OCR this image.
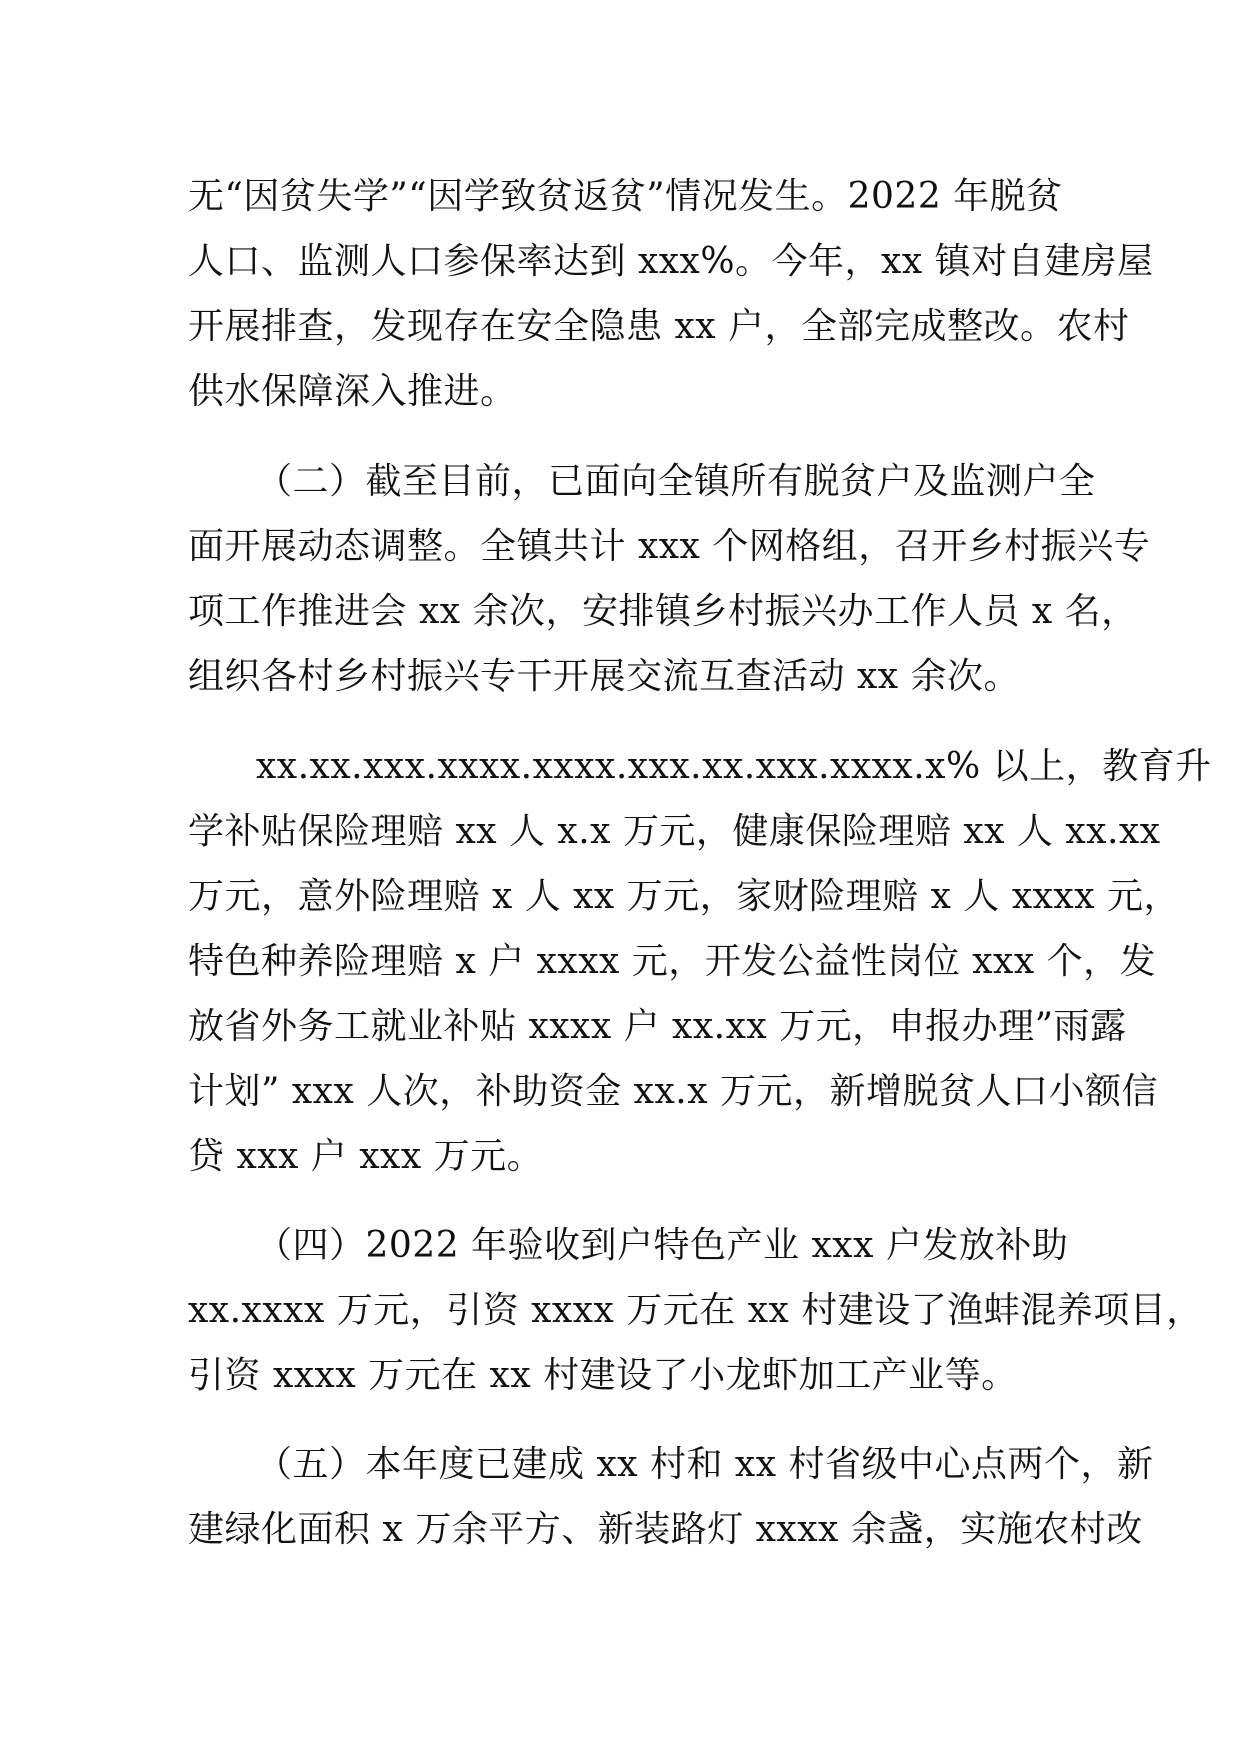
无“因贫失学”“因学致贫返贫”情况发生。2022 年脱贫
人口、监测人口参保率达到 xxx%。今年，xx 镇对自建房屋
开展排查，发现存在安全隐患 xx 户，全部完成整改。农村
供水保障深入推进。
（二）截至目前，已面向全镇所有脱贫户及监测户全
面开展动态调整。全镇共计 xxx 个网格组，召开乡村振兴专
项工作推进会 xx 余次，安排镇乡村振兴办工作人员 x 名，
组织各村乡村振兴专干开展交流互查活动 xx 余次。
xx.xx.xxx.xxxx.xxxx.xxx.xx.xxx.xxxx.x% 以上，教育升
学补贴保险理赔 xx 人 x.x 万元，健康保险理赔 xx 人 xx.xx
万元，意外险理赔 x 人 xx 万元，家财险理赔 x 人 xxxx 元，
特色种养险理赔 x 户 xxxx 元，开发公益性岗位 xxx 个，发
放省外务工就业补贴 xxxx 户 xx.xx 万元，申报办理”雨露
计划” xxx 人次，补助资金 xx.x 万元，新增脱贫人口小额信
贷 xxx 户 xxx 万元。
（四）2022 年验收到户特色产业 xxx 户发放补助
xx.xxxx 万元，引资 xxxx 万元在 xx 村建设了渔蚌混养项目，
引资 xxxx 万元在 xx 村建设了小龙虾加工产业等。
（五）本年度已建成 xx 村和 xx 村省级中心点两个，新
建绿化面积 x 万余平方、新装路灯 xxxx 余盏，实施农村改
